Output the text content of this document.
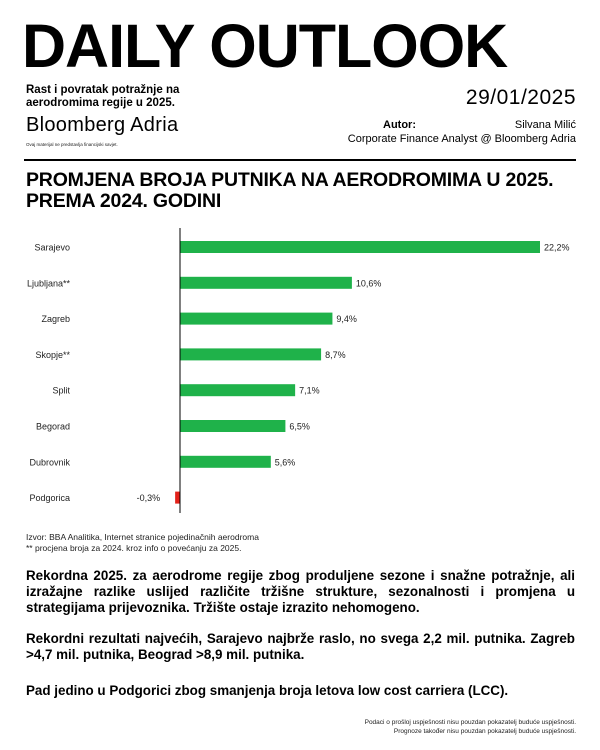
DAILY OUTLOOK
Rast i povratak potražnje na aerodromima regije u 2025.
Bloomberg Adria
Ovaj materijal ne predstavlja financijski savjet.
29/01/2025
Autor:	Silvana Milić
Corporate Finance Analyst @ Bloomberg Adria
PROMJENA BROJA PUTNIKA NA AERODROMIMA U 2025. PREMA 2024. GODINI
Sarajevo	22,2%
Ljubljana**	10,6%
Zagreb	9,4%
Skopje**	8,7%
Split	7,1%
Begorad	6,5%
Dubrovnik	5,6%
Podgorica	-0,3%
Izvor: BBA Analitika, Internet stranice pojedinačnih aerodroma
** procjena broja za 2024. kroz info o povećanju za 2025.
Rekordna 2025. za aerodrome regije zbog produljene sezone i snažne potražnje, ali izražajne razlike uslijed različite tržišne strukture, sezonalnosti i promjena u strategijama prijevoznika. Tržište ostaje izrazito nehomogeno.
Rekordni rezultati najvećih, Sarajevo najbrže raslo, no svega 2,2 mil. putnika. Zagreb >4,7 mil. putnika, Beograd >8,9 mil. putnika.
Pad jedino u Podgorici zbog smanjenja broja letova low cost carriera (LCC).
Podaci o prošlој uspješnosti nisu pouzdan pokazatelj buduće uspješnosti.
Prognoze također nisu pouzdan pokazatelj buduće uspješnosti.
